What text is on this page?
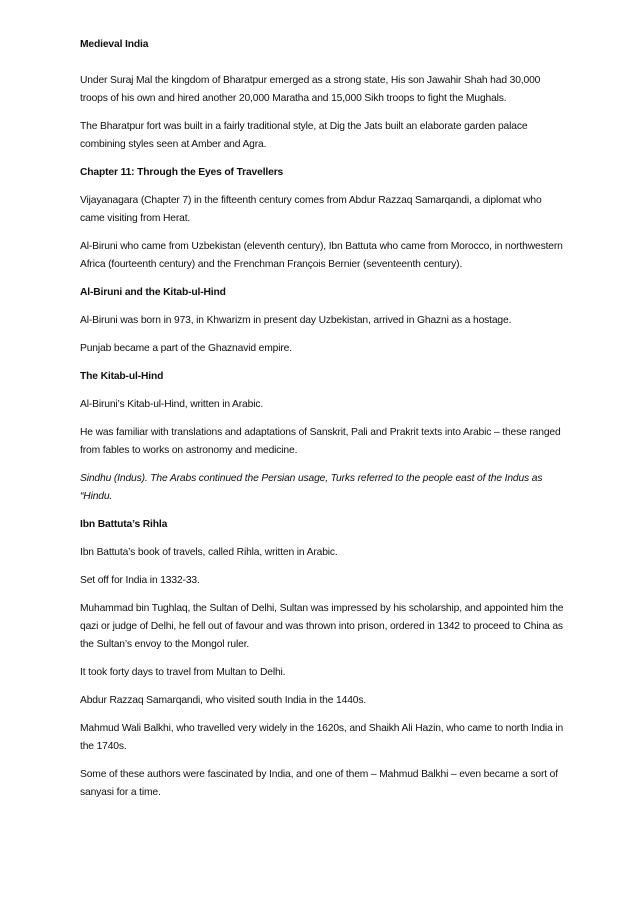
Medieval India

Under Suraj Mal the kingdom of Bharatpur emerged as a strong state, His son Jawahir Shah had 30,000 troops of his own and hired another 20,000 Maratha and 15,000 Sikh troops to fight the Mughals.

The Bharatpur fort was built in a fairly traditional style, at Dig the Jats built an elaborate garden palace combining styles seen at Amber and Agra.

Chapter 11: Through the Eyes of Travellers

Vijayanagara (Chapter 7) in the fifteenth century comes from Abdur Razzaq Samarqandi, a diplomat who came visiting from Herat.

Al-Biruni who came from Uzbekistan (eleventh century), Ibn Battuta who came from Morocco, in northwestern Africa (fourteenth century) and the Frenchman François Bernier (seventeenth century).

Al-Biruni and the Kitab-ul-Hind

Al-Biruni was born in 973, in Khwarizm in present day Uzbekistan, arrived in Ghazni as a hostage.

Punjab became a part of the Ghaznavid empire.

The Kitab-ul-Hind

Al-Biruni’s Kitab-ul-Hind, written in Arabic.

He was familiar with translations and adaptations of Sanskrit, Pali and Prakrit texts into Arabic – these ranged from fables to works on astronomy and medicine.

Sindhu (Indus). The Arabs continued the Persian usage, Turks referred to the people east of the Indus as “Hindu.

Ibn Battuta’s Rihla

Ibn Battuta’s book of travels, called Rihla, written in Arabic.

Set off for India in 1332-33.

Muhammad bin Tughlaq, the Sultan of Delhi, Sultan was impressed by his scholarship, and appointed him the qazi or judge of Delhi, he fell out of favour and was thrown into prison, ordered in 1342 to proceed to China as the Sultan’s envoy to the Mongol ruler.

It took forty days to travel from Multan to Delhi.

Abdur Razzaq Samarqandi, who visited south India in the 1440s.

Mahmud Wali Balkhi, who travelled very widely in the 1620s, and Shaikh Ali Hazin, who came to north India in the 1740s.

Some of these authors were fascinated by India, and one of them – Mahmud Balkhi – even became a sort of sanyasi for a time.
